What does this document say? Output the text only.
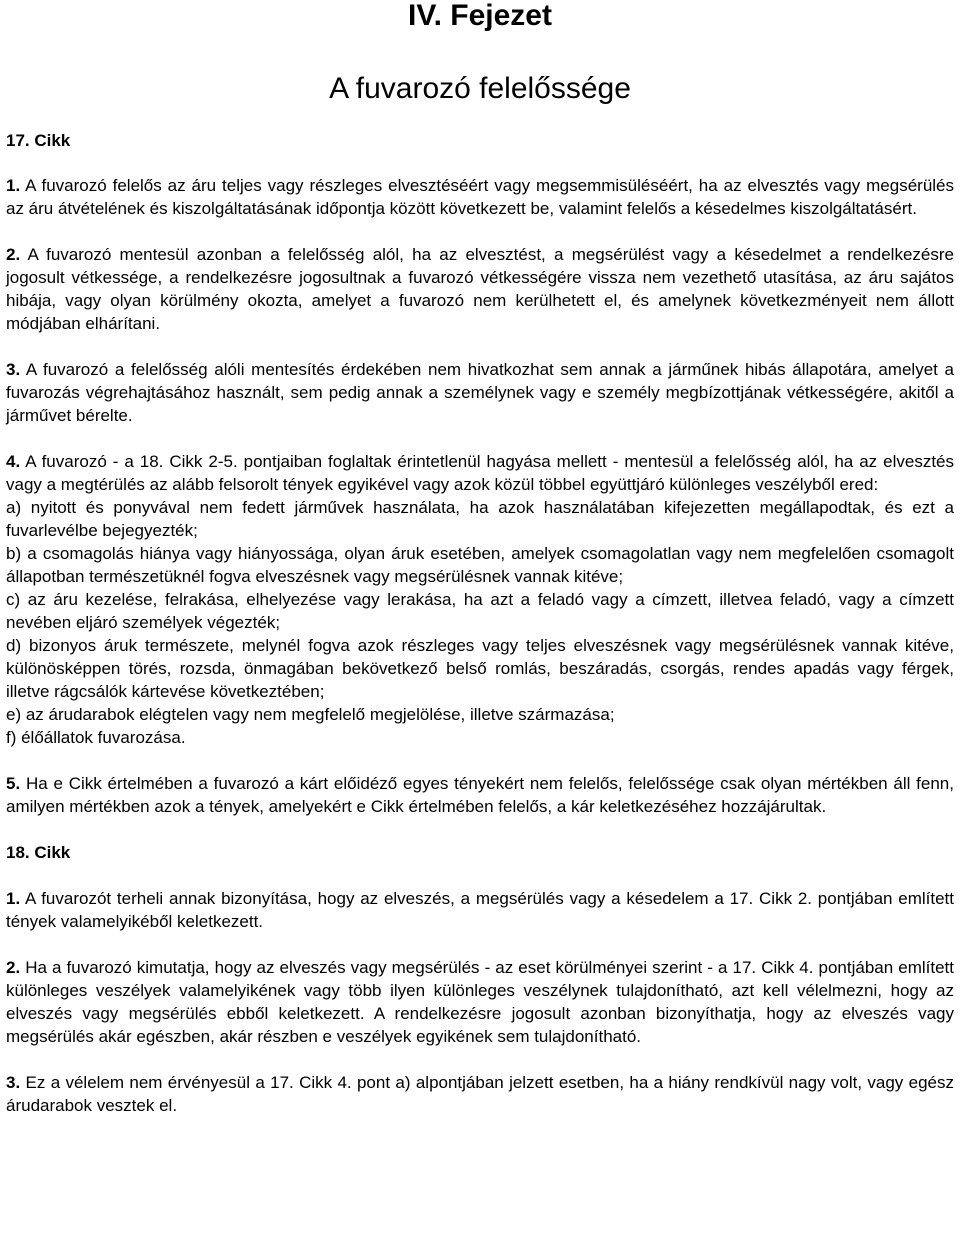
IV. Fejezet
A fuvarozó felelőssége
17. Cikk

1. A fuvarozó felelős az áru teljes vagy részleges elvesztéséért vagy megsemmisüléséért, ha az elvesztés vagy megsérülés az áru átvételének és kiszolgáltatásának időpontja között következett be, valamint felelős a késedelmes kiszolgáltatásért.

2. A fuvarozó mentesül azonban a felelősség alól, ha az elvesztést, a megsérülést vagy a késedelmet a rendelkezésre jogosult vétkessége, a rendelkezésre jogosultnak a fuvarozó vétkességére vissza nem vezethető utasítása, az áru sajátos hibája, vagy olyan körülmény okozta, amelyet a fuvarozó nem kerülhetett el, és amelynek következményeit nem állott módjában elhárítani.

3. A fuvarozó a felelősség alóli mentesítés érdekében nem hivatkozhat sem annak a járműnek hibás állapotára, amelyet a fuvarozás végrehajtásához használt, sem pedig annak a személynek vagy e személy megbízottjának vétkességére, akitől a járművet bérelte.

4. A fuvarozó - a 18. Cikk 2-5. pontjaiban foglaltak érintetlenül hagyása mellett - mentesül a felelősség alól, ha az elvesztés vagy a megtérülés az alább felsorolt tények egyikével vagy azok közül többel együttjáró különleges veszélyből ered:
a) nyitott és ponyvával nem fedett járművek használata, ha azok használatában kifejezetten megállapodtak, és ezt a fuvarlevélbe bejegyezték;
b) a csomagolás hiánya vagy hiányossága, olyan áruk esetében, amelyek csomagolatlan vagy nem megfelelően csomagolt állapotban természetüknél fogva elveszésnek vagy megsérülésnek vannak kitéve;
c) az áru kezelése, felrakása, elhelyezése vagy lerakása, ha azt a feladó vagy a címzett, illetvea feladó, vagy a címzett nevében eljáró személyek végezték;
d) bizonyos áruk természete, melynél fogva azok részleges vagy teljes elveszésnek vagy megsérülésnek vannak kitéve, különösképpen törés, rozsda, önmagában bekövetkező belső romlás, beszáradás, csorgás, rendes apadás vagy férgek, illetve rágcsálók kártevése következtében;
e) az árudarabok elégtelen vagy nem megfelelő megjelölése, illetve származása;
f) élőállatok fuvarozása.

5. Ha e Cikk értelmében a fuvarozó a kárt előidéző egyes tényekért nem felelős, felelőssége csak olyan mértékben áll fenn, amilyen mértékben azok a tények, amelyekért e Cikk értelmében felelős, a kár keletkezéséhez hozzájárultak.

18. Cikk

1. A fuvarozót terheli annak bizonyítása, hogy az elveszés, a megsérülés vagy a késedelem a 17. Cikk 2. pontjában említett tények valamelyikéből keletkezett.

2. Ha a fuvarozó kimutatja, hogy az elveszés vagy megsérülés - az eset körülményei szerint - a 17. Cikk 4. pontjában említett különleges veszélyek valamelyikének vagy több ilyen különleges veszélynek tulajdonítható, azt kell vélelmezni, hogy az elveszés vagy megsérülés ebből keletkezett. A rendelkezésre jogosult azonban bizonyíthatja, hogy az elveszés vagy megsérülés akár egészben, akár részben e veszélyek egyikének sem tulajdonítható.

3. Ez a vélelem nem érvényesül a 17. Cikk 4. pont a) alpontjában jelzett esetben, ha a hiány rendkívül nagy volt, vagy egész árudarabok vesztek el.
